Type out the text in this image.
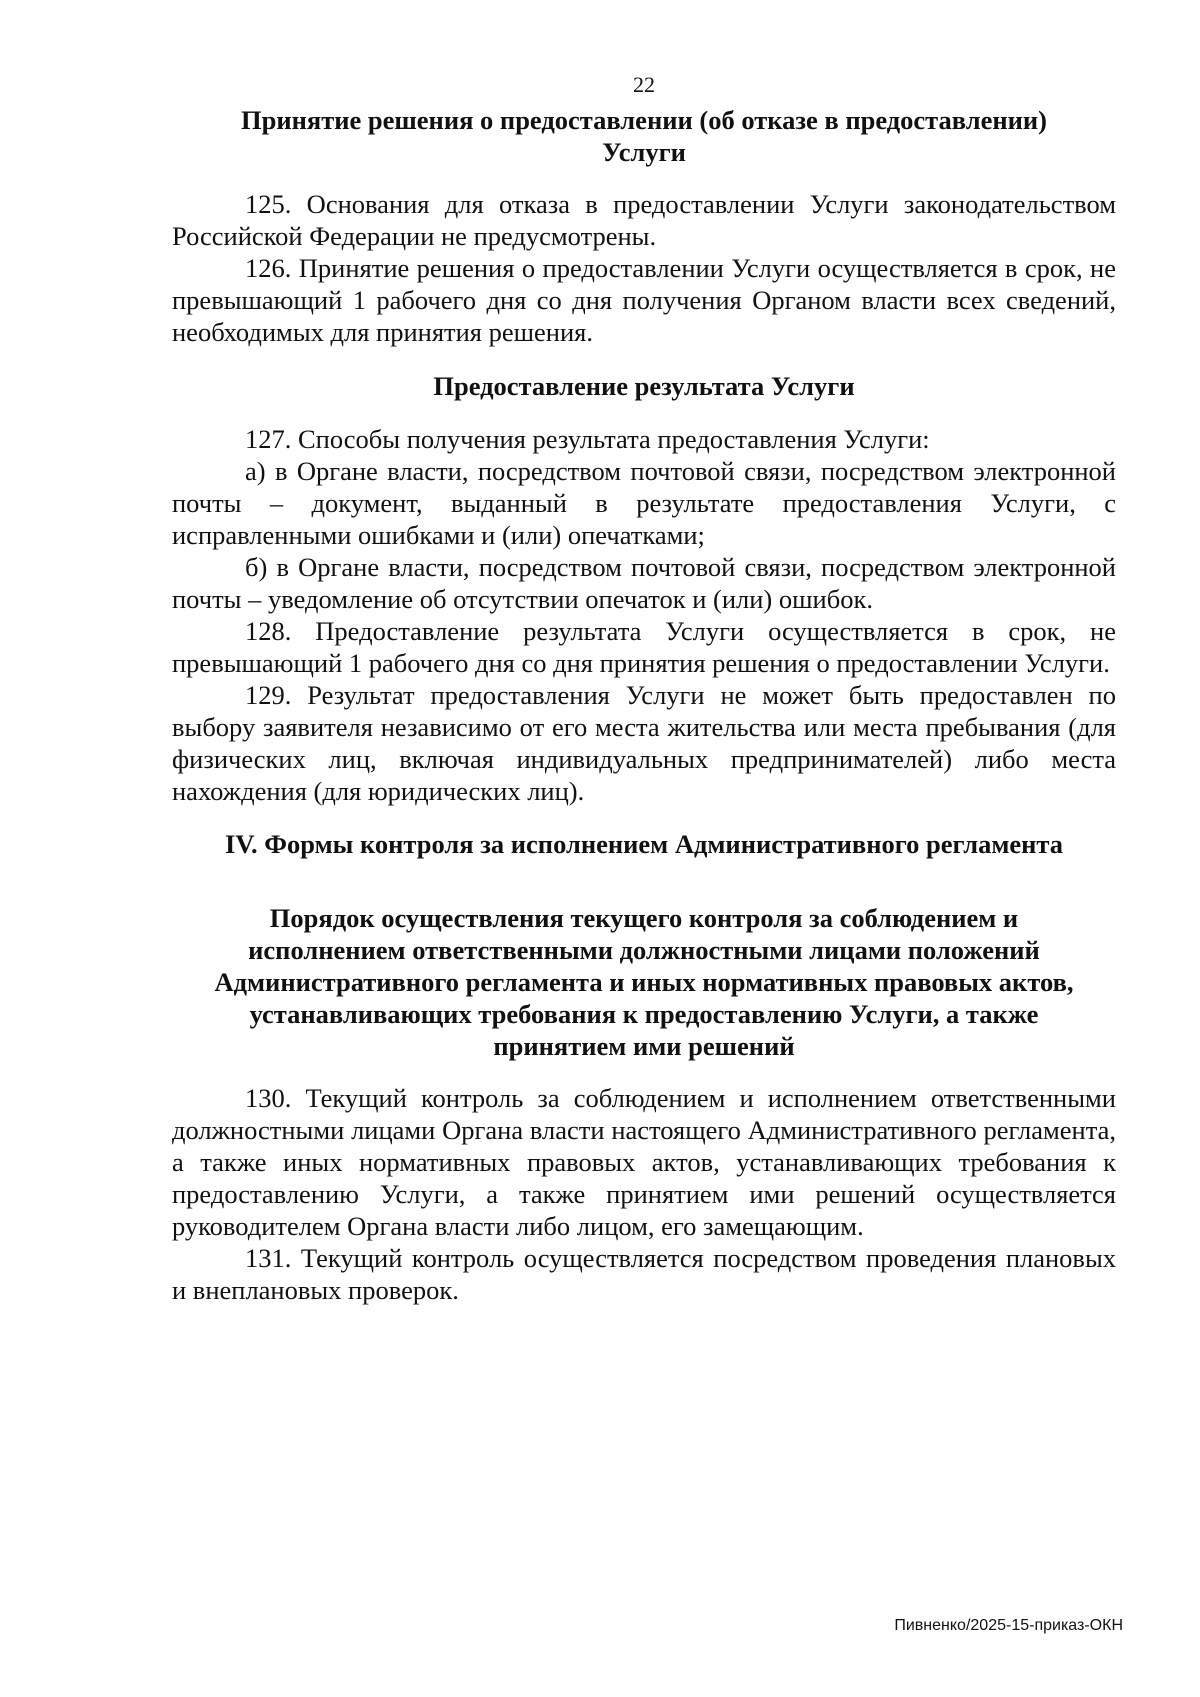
22
Принятие решения о предоставлении (об отказе в предоставлении)
Услуги

125. Основания для отказа в предоставлении Услуги законодательством Российской Федерации не предусмотрены.

126. Принятие решения о предоставлении Услуги осуществляется в срок, не превышающий 1 рабочего дня со дня получения Органом власти всех сведений, необходимых для принятия решения.

Предоставление результата Услуги

127. Способы получения результата предоставления Услуги:

а) в Органе власти, посредством почтовой связи, посредством электронной почты – документ, выданный в результате предоставления Услуги, с исправленными ошибками и (или) опечатками;

б) в Органе власти, посредством почтовой связи, посредством электронной почты – уведомление об отсутствии опечаток и (или) ошибок.

128. Предоставление результата Услуги осуществляется в срок, не превышающий 1 рабочего дня со дня принятия решения о предоставлении Услуги.

129. Результат предоставления Услуги не может быть предоставлен по выбору заявителя независимо от его места жительства или места пребывания (для физических лиц, включая индивидуальных предпринимателей) либо места нахождения (для юридических лиц).

IV. Формы контроля за исполнением Административного регламента
Порядок осуществления текущего контроля за соблюдением и
исполнением ответственными должностными лицами положений
Административного регламента и иных нормативных правовых актов,
устанавливающих требования к предоставлению Услуги, а также
принятием ими решений

130. Текущий контроль за соблюдением и исполнением ответственными должностными лицами Органа власти настоящего Административного регламента, а также иных нормативных правовых актов, устанавливающих требования к предоставлению Услуги, а также принятием ими решений осуществляется руководителем Органа власти либо лицом, его замещающим.

131. Текущий контроль осуществляется посредством проведения плановых и внеплановых проверок.

Пивненко/2025-15-приказ-ОКН
